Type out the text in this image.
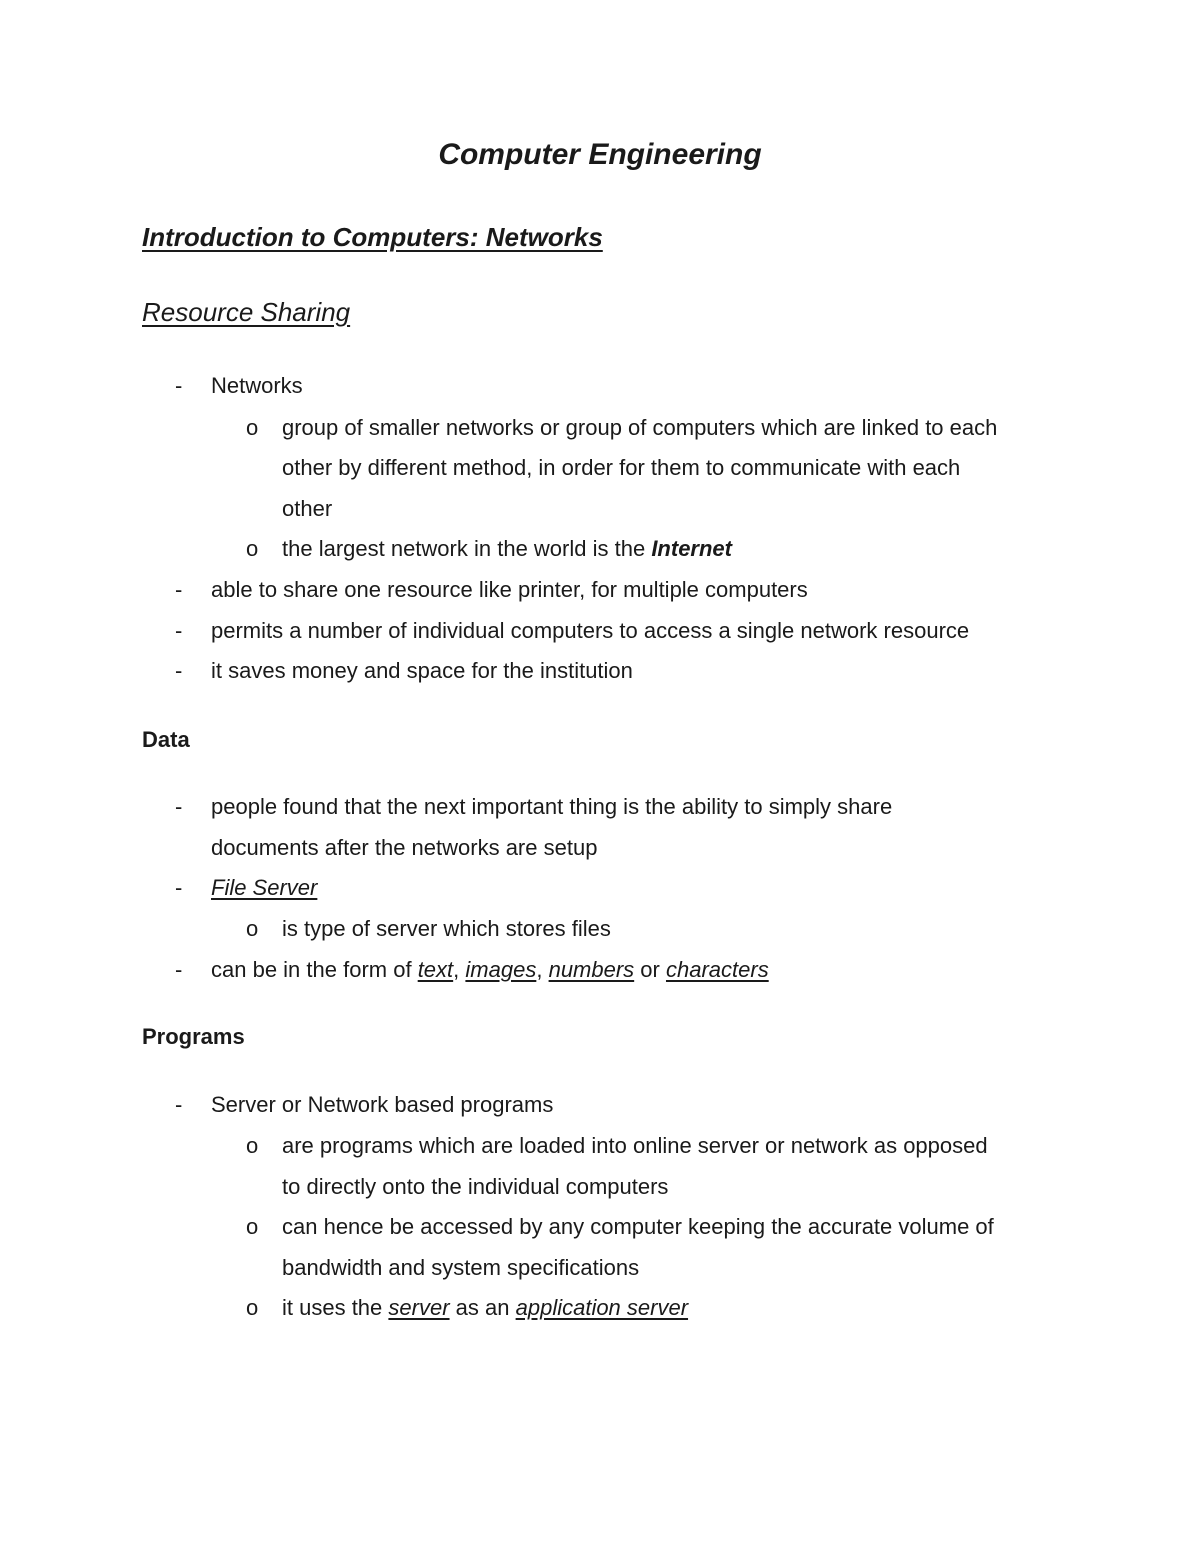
Computer Engineering
Introduction to Computers: Networks
Resource Sharing
- Networks
o group of smaller networks or group of computers which are linked to each
other by different method, in order for them to communicate with each
other
o the largest network in the world is the Internet
- able to share one resource like printer, for multiple computers
- permits a number of individual computers to access a single network resource
- it saves money and space for the institution
Data
- people found that the next important thing is the ability to simply share
documents after the networks are setup
- File Server
o is type of server which stores files
- can be in the form of text, images, numbers or characters
Programs
- Server or Network based programs
o are programs which are loaded into online server or network as opposed
to directly onto the individual computers
o can hence be accessed by any computer keeping the accurate volume of
bandwidth and system specifications
o it uses the server as an application server
